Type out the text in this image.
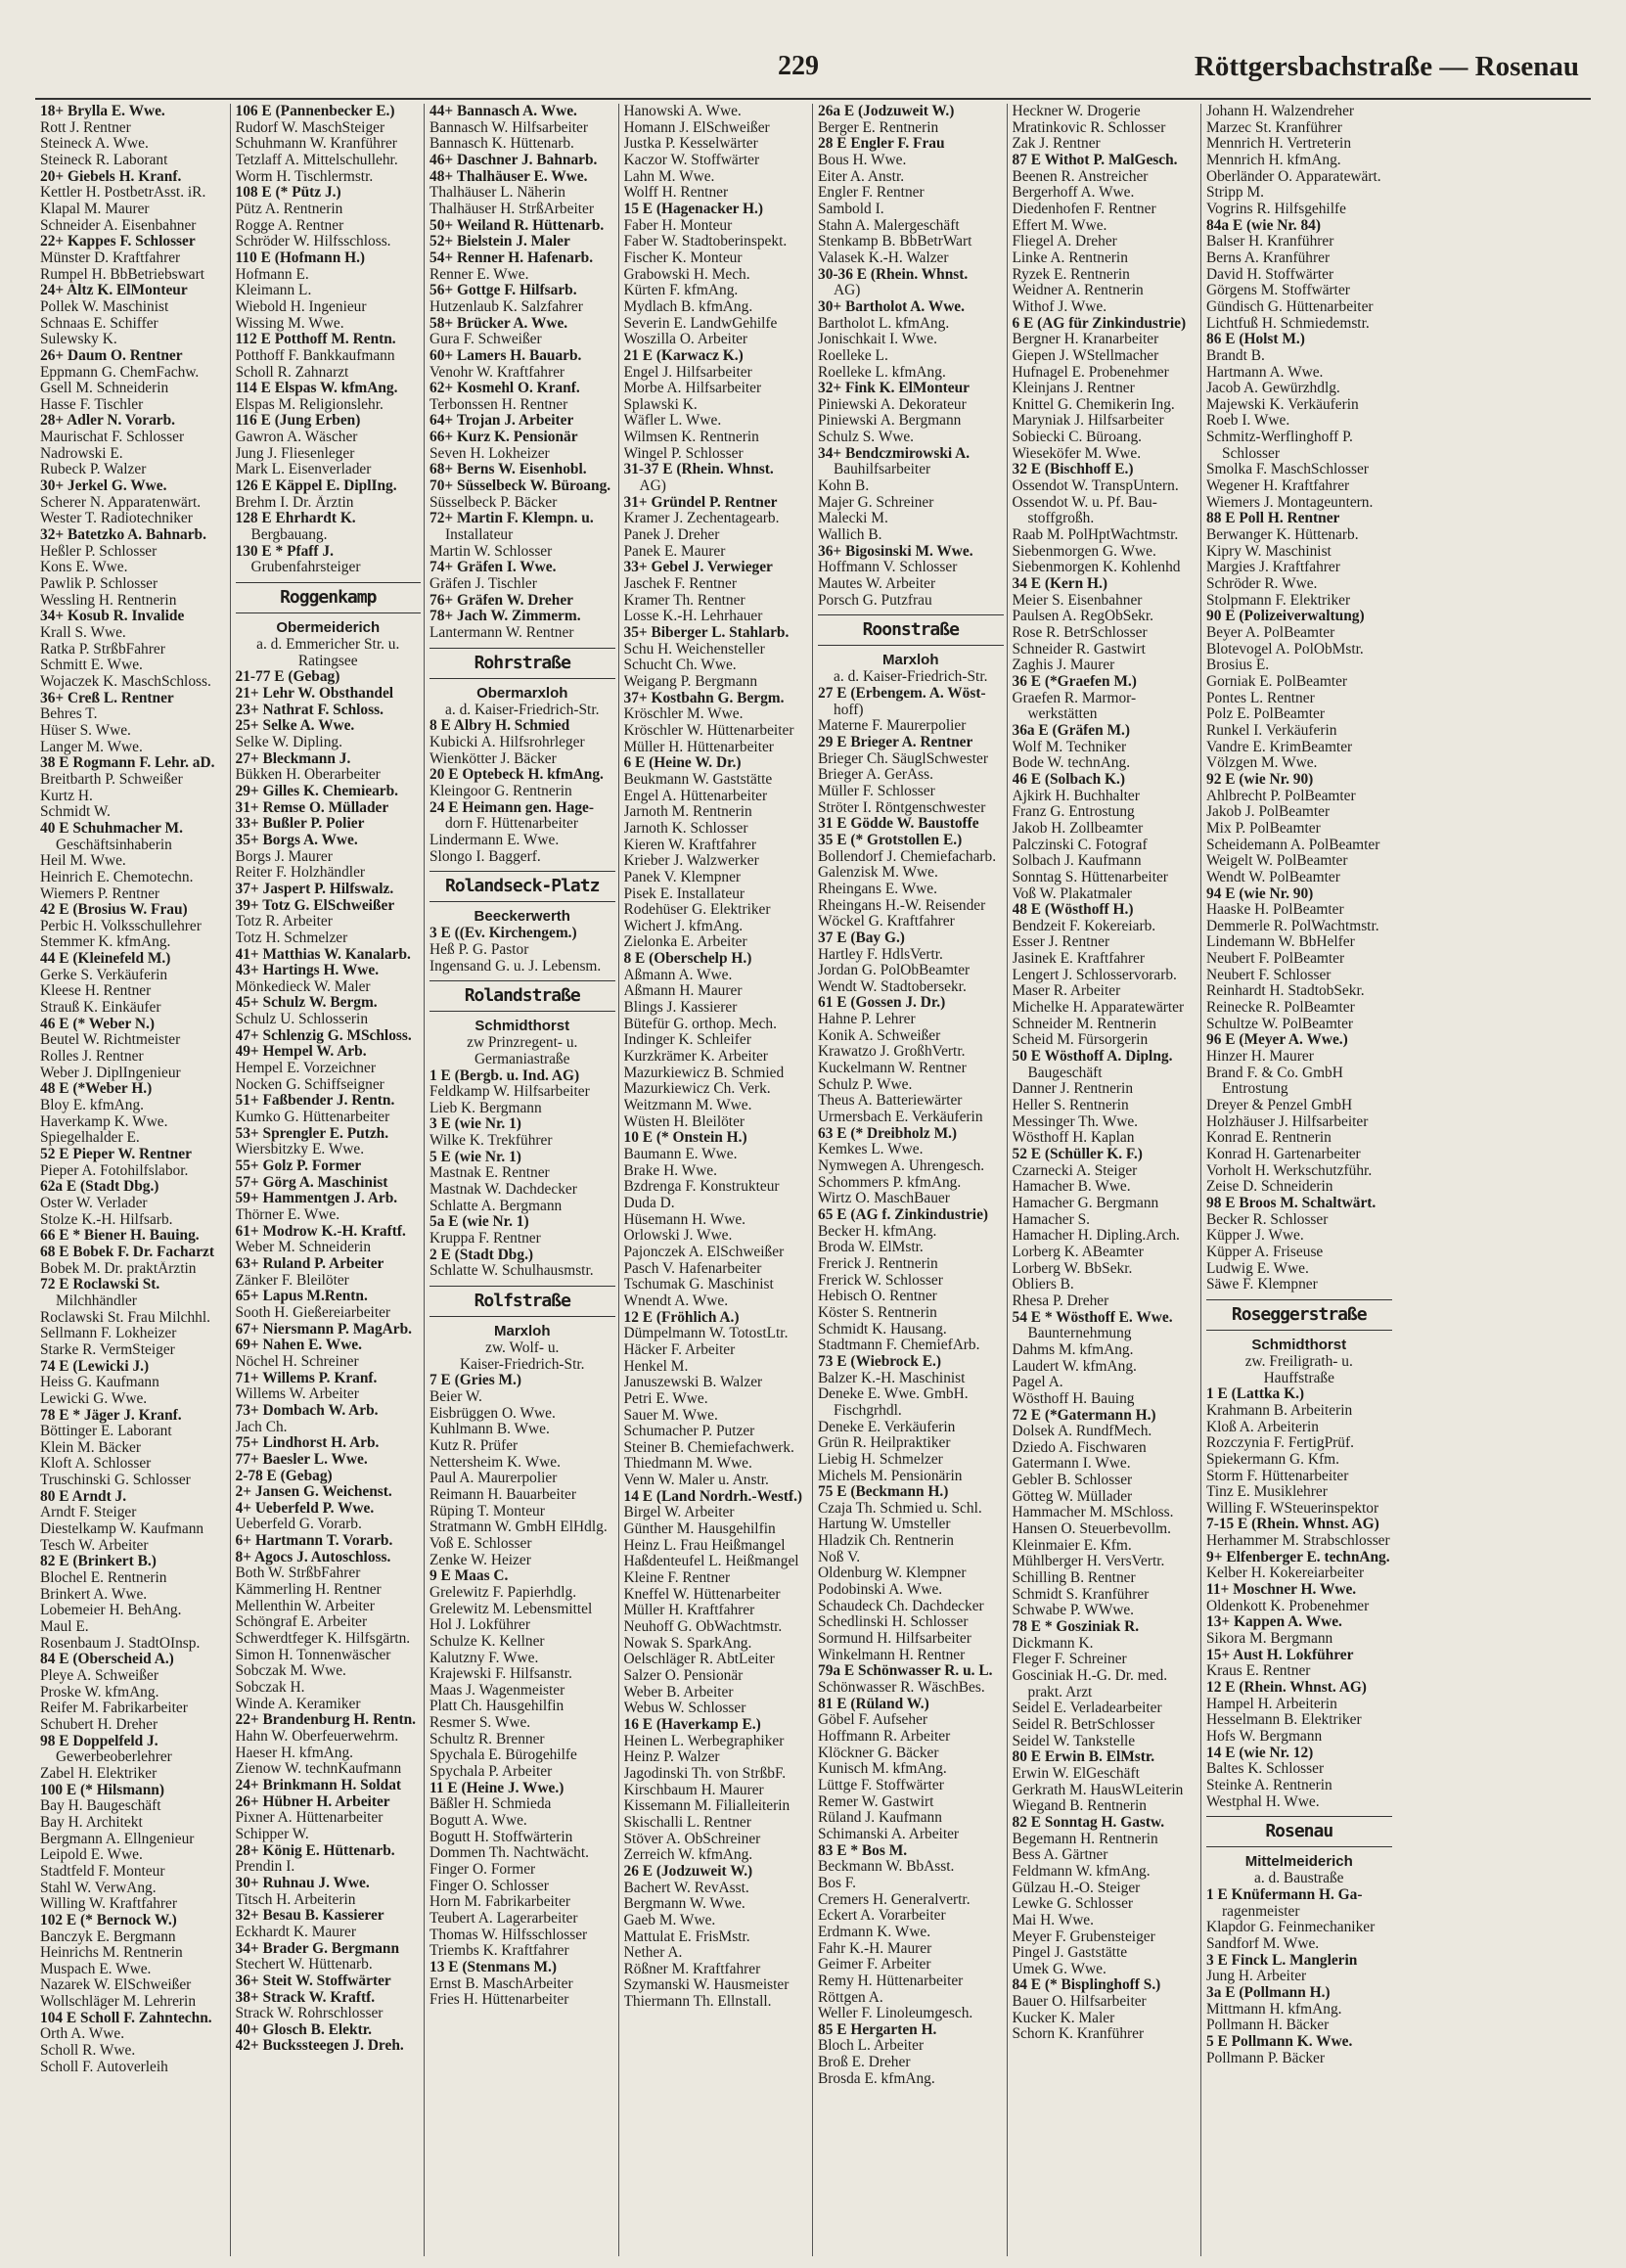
229	Röttgersbachstraße — Rosenau
18+ Brylla E. Wwe.
Rott J. Rentner
Steineck A. Wwe.
Steineck R. Laborant
20+ Giebels H. Kranf.
Kettler H. PostbetrAsst. iR.
Klapal M. Maurer
Schneider A. Eisenbahner
22+ Kappes F. Schlosser
Münster D. Kraftfahrer
Rumpel H. BbBetriebswart
24+ Altz K. ElMonteur
Pollek W. Maschinist
Schnaas E. Schiffer
Sulewsky K.
26+ Daum O. Rentner
Eppmann G. ChemFachw.
Gsell M. Schneiderin
Hasse F. Tischler
28+ Adler N. Vorarb.
Maurischat F. Schlosser
Nadrowski E.
Rubeck P. Walzer
30+ Jerkel G. Wwe.
Scherer N. Apparatenwärt.
Wester T. Radiotechniker
32+ Batetzko A. Bahnarb.
Heßler P. Schlosser
Kons E. Wwe.
Pawlik P. Schlosser
Wessling H. Rentnerin
34+ Kosub R. Invalide
Krall S. Wwe.
Ratka P. StrßbFahrer
Schmitt E. Wwe.
Wojaczek K. MaschSchloss.
36+ Creß L. Rentner
Behres T.
Hüser S. Wwe.
Langer M. Wwe.
38 E Rogmann F. Lehr. aD.
Breitbarth P. Schweißer
Kurtz H.
Schmidt W.
40 E Schuhmacher M.
Geschäftsinhaberin
Heil M. Wwe.
Heinrich E. Chemotechn.
Wiemers P. Rentner
42 E (Brosius W. Frau)
Perbic H. Volksschullehrer
Stemmer K. kfmAng.
44 E (Kleinefeld M.)
Gerke S. Verkäuferin
Kleese H. Rentner
Strauß K. Einkäufer
46 E (* Weber N.)
Beutel W. Richtmeister
Rolles J. Rentner
Weber J. DiplIngenieur
48 E (*Weber H.)
Bloy E. kfmAng.
Haverkamp K. Wwe.
Spiegelhalder E.
52 E Pieper W. Rentner
Pieper A. Fotohilfslabor.
62a E (Stadt Dbg.)
Oster W. Verlader
Stolze K.-H. Hilfsarb.
66 E * Biener H. Bauing.
68 E Bobek F. Dr. Facharzt
Bobek M. Dr. praktÄrztin
72 E Roclawski St.
Milchhändler
Roclawski St. Frau Milchhl.
Sellmann F. Lokheizer
Starke R. VermSteiger
74 E (Lewicki J.)
Heiss G. Kaufmann
Lewicki G. Wwe.
78 E * Jäger J. Kranf.
Böttinger E. Laborant
Klein M. Bäcker
Kloft A. Schlosser
Truschinski G. Schlosser
80 E Arndt J.
Arndt F. Steiger
Diestelkamp W. Kaufmann
Tesch W. Arbeiter
82 E (Brinkert B.)
Blochel E. Rentnerin
Brinkert A. Wwe.
Lobemeier H. BehAng.
Maul E.
Rosenbaum J. StadtOInsp.
84 E (Oberscheid A.)
Pleye A. Schweißer
Proske W. kfmAng.
Reifer M. Fabrikarbeiter
Schubert H. Dreher
98 E Doppelfeld J.
Gewerbeoberlehrer
Zabel H. Elektriker
100 E (* Hilsmann)
Bay H. Baugeschäft
Bay H. Architekt
Bergmann A. Ellngenieur
Leipold E. Wwe.
Stadtfeld F. Monteur
Stahl W. VerwAng.
Willing W. Kraftfahrer
102 E (* Bernock W.)
Banczyk E. Bergmann
Heinrichs M. Rentnerin
Muspach E. Wwe.
Nazarek W. ElSchweißer
Wollschläger M. Lehrerin
104 E Scholl F. Zahntechn.
Orth A. Wwe.
Scholl R. Wwe.
Scholl F. Autoverleih
106 E (Pannenbecker E.)
Rudorf W. MaschSteiger
Schuhmann W. Kranführer
Tetzlaff A. Mittelschullehr.
Worm H. Tischlermstr.
108 E (* Pütz J.)
Pütz A. Rentnerin
Rogge A. Rentner
Schröder W. Hilfsschloss.
110 E (Hofmann H.)
Hofmann E.
Kleimann L.
Wiebold H. Ingenieur
Wissing M. Wwe.
112 E Potthoff M. Rentn.
Potthoff F. Bankkaufmann
Scholl R. Zahnarzt
114 E Elspas W. kfmAng.
Elspas M. Religionslehr.
116 E (Jung Erben)
Gawron A. Wäscher
Jung J. Fliesenleger
Mark L. Eisenverlader
126 E Käppel E. DiplIng.
Brehm I. Dr. Ärztin
128 E Ehrhardt K.
Bergbauang.
130 E * Pfaff J.
Grubenfahrsteiger
Roggenkamp
Obermeiderich
a. d. Emmericher Str. u.
Ratingsee
21-77 E (Gebag)
21+ Lehr W. Obsthandel
23+ Nathrat F. Schloss.
25+ Selke A. Wwe.
Selke W. Dipling.
27+ Bleckmann J.
Bükken H. Oberarbeiter
29+ Gilles K. Chemiearb.
31+ Remse O. Müllader
33+ Bußler P. Polier
35+ Borgs A. Wwe.
Borgs J. Maurer
Reiter F. Holzhändler
37+ Jaspert P. Hilfswalz.
39+ Totz G. ElSchweißer
Totz R. Arbeiter
Totz H. Schmelzer
41+ Matthias W. Kanalarb.
43+ Hartings H. Wwe.
Mönkedieck W. Maler
45+ Schulz W. Bergm.
Schulz U. Schlosserin
47+ Schlenzig G. MSchloss.
49+ Hempel W. Arb.
Hempel E. Vorzeichner
Nocken G. Schiffseigner
51+ Faßbender J. Rentn.
Kumko G. Hüttenarbeiter
53+ Sprengler E. Putzh.
Wiersbitzky E. Wwe.
55+ Golz P. Former
57+ Görg A. Maschinist
59+ Hammentgen J. Arb.
Thörner E. Wwe.
61+ Modrow K.-H. Kraftf.
Weber M. Schneiderin
63+ Ruland P. Arbeiter
Zänker F. Bleilöter
65+ Lapus M.Rentn.
Sooth H. Gießereiarbeiter
67+ Niersmann P. MagArb.
69+ Nahen E. Wwe.
Nöchel H. Schreiner
71+ Willems P. Kranf.
Willems W. Arbeiter
73+ Dombach W. Arb.
Jach Ch.
75+ Lindhorst H. Arb.
77+ Baesler L. Wwe.
2-78 E (Gebag)
2+ Jansen G. Weichenst.
4+ Ueberfeld P. Wwe.
Ueberfeld G. Vorarb.
6+ Hartmann T. Vorarb.
8+ Agocs J. Autoschloss.
Both W. StrßbFahrer
Kämmerling H. Rentner
Mellenthin W. Arbeiter
Schöngraf E. Arbeiter
Schwerdtfeger K. Hilfsgärtn.
Simon H. Tonnenwäscher
Sobczak M. Wwe.
Sobczak H.
Winde A. Keramiker
22+ Brandenburg H. Rentn.
Hahn W. Oberfeuerwehrm.
Haeser H. kfmAng.
Zienow W. technKaufmann
24+ Brinkmann H. Soldat
26+ Hübner H. Arbeiter
Pixner A. Hüttenarbeiter
Schipper W.
28+ König E. Hüttenarb.
Prendin I.
30+ Ruhnau J. Wwe.
Titsch H. Arbeiterin
32+ Besau B. Kassierer
Eckhardt K. Maurer
34+ Brader G. Bergmann
Stechert W. Hüttenarb.
36+ Steit W. Stoffwärter
38+ Strack W. Kraftf.
Strack W. Rohrschlosser
40+ Glosch B. Elektr.
42+ Buckssteegen J. Dreh.
44+ Bannasch A. Wwe.
Bannasch W. Hilfsarbeiter
Bannasch K. Hüttenarb.
46+ Daschner J. Bahnarb.
48+ Thalhäuser E. Wwe.
Thalhäuser L. Näherin
Thalhäuser H. StrßArbeiter
50+ Weiland R. Hüttenarb.
52+ Bielstein J. Maler
54+ Renner H. Hafenarb.
Renner E. Wwe.
56+ Gottge F. Hilfsarb.
Hutzenlaub K. Salzfahrer
58+ Brücker A. Wwe.
Gura F. Schweißer
60+ Lamers H. Bauarb.
Venohr W. Kraftfahrer
62+ Kosmehl O. Kranf.
Terbonssen H. Rentner
64+ Trojan J. Arbeiter
66+ Kurz K. Pensionär
Seven H. Lokheizer
68+ Berns W. Eisenhobl.
70+ Süsselbeck W. Büroang.
Süsselbeck P. Bäcker
72+ Martin F. Klempn. u.
Installateur
Martin W. Schlosser
74+ Gräfen I. Wwe.
Gräfen J. Tischler
76+ Gräfen W. Dreher
78+ Jach W. Zimmerm.
Lantermann W. Rentner
Rohrstraße
Obermarxloh
a. d. Kaiser-Friedrich-Str.
8 E Albry H. Schmied
Kubicki A. Hilfsrohrleger
Wienkötter J. Bäcker
20 E Optebeck H. kfmAng.
Kleingoor G. Rentnerin
24 E Heimann gen. Hage-
dorn F. Hüttenarbeiter
Lindermann E. Wwe.
Slongo I. Baggerf.
Rolandseck-Platz
Beeckerwerth
3 E ((Ev. Kirchengem.)
Heß P. G. Pastor
Ingensand G. u. J. Lebensm.
Rolandstraße
Schmidthorst
zw Prinzregent- u.
Germaniastraße
1 E (Bergb. u. Ind. AG)
Feldkamp W. Hilfsarbeiter
Lieb K. Bergmann
3 E (wie Nr. 1)
Wilke K. Trekführer
5 E (wie Nr. 1)
Mastnak E. Rentner
Mastnak W. Dachdecker
Schlatte A. Bergmann
5a E (wie Nr. 1)
Kruppa F. Rentner
2 E (Stadt Dbg.)
Schlatte W. Schulhausmstr.
Rolfstraße
Marxloh
zw. Wolf- u.
Kaiser-Friedrich-Str.
7 E (Gries M.)
Beier W.
Eisbrüggen O. Wwe.
Kuhlmann B. Wwe.
Kutz R. Prüfer
Nettersheim K. Wwe.
Paul A. Maurerpolier
Reimann H. Bauarbeiter
Rüping T. Monteur
Stratmann W. GmbH ElHdlg.
Voß E. Schlosser
Zenke W. Heizer
9 E Maas C.
Grelewitz F. Papierhdlg.
Grelewitz M. Lebensmittel
Hol J. Lokführer
Schulze K. Kellner
Kalutzny F. Wwe.
Krajewski F. Hilfsanstr.
Maas J. Wagenmeister
Platt Ch. Hausgehilfin
Resmer S. Wwe.
Schultz R. Brenner
Spychala E. Bürogehilfe
Spychala P. Arbeiter
11 E (Heine J. Wwe.)
Bäßler H. Schmieda
Bogutt A. Wwe.
Bogutt H. Stoffwärterin
Dommen Th. Nachtwächt.
Finger O. Former
Finger O. Schlosser
Horn M. Fabrikarbeiter
Teubert A. Lagerarbeiter
Thomas W. Hilfsschlosser
Triembs K. Kraftfahrer
13 E (Stenmans M.)
Ernst B. MaschArbeiter
Fries H. Hüttenarbeiter
Hanowski A. Wwe.
Homann J. ElSchweißer
Justka P. Kesselwärter
Kaczor W. Stoffwärter
Lahn M. Wwe.
Wolff H. Rentner
15 E (Hagenacker H.)
Faber H. Monteur
Faber W. Stadtoberinspekt.
Fischer K. Monteur
Grabowski H. Mech.
Kürten F. kfmAng.
Mydlach B. kfmAng.
Severin E. LandwGehilfe
Woszilla O. Arbeiter
21 E (Karwacz K.)
Engel J. Hilfsarbeiter
Morbe A. Hilfsarbeiter
Splawski K.
Wäfler L. Wwe.
Wilmsen K. Rentnerin
Wingel P. Schlosser
31-37 E (Rhein. Whnst.
AG)
31+ Gründel P. Rentner
Kramer J. Zechentagearb.
Panek J. Dreher
Panek E. Maurer
33+ Gebel J. Verwieger
Jaschek F. Rentner
Kramer Th. Rentner
Losse K.-H. Lehrhauer
35+ Biberger L. Stahlarb.
Schu H. Weichensteller
Schucht Ch. Wwe.
Weigang P. Bergmann
37+ Kostbahn G. Bergm.
Kröschler M. Wwe.
Kröschler W. Hüttenarbeiter
Müller H. Hüttenarbeiter
6 E (Heine W. Dr.)
Beukmann W. Gaststätte
Engel A. Hüttenarbeiter
Jarnoth M. Rentnerin
Jarnoth K. Schlosser
Kieren W. Kraftfahrer
Krieber J. Walzwerker
Panek V. Klempner
Pisek E. Installateur
Rodehüser G. Elektriker
Wichert J. kfmAng.
Zielonka E. Arbeiter
8 E (Oberschelp H.)
Aßmann A. Wwe.
Aßmann H. Maurer
Blings J. Kassierer
Bütefür G. orthop. Mech.
Indinger K. Schleifer
Kurzkrämer K. Arbeiter
Mazurkiewicz B. Schmied
Mazurkiewicz Ch. Verk.
Weitzmann M. Wwe.
Wüsten H. Bleilöter
10 E (* Onstein H.)
Baumann E. Wwe.
Brake H. Wwe.
Bzdrenga F. Konstrukteur
Duda D.
Hüsemann H. Wwe.
Orlowski J. Wwe.
Pajonczek A. ElSchweißer
Pasch V. Hafenarbeiter
Tschumak G. Maschinist
Wnendt A. Wwe.
12 E (Fröhlich A.)
Dümpelmann W. TotostLtr.
Häcker F. Arbeiter
Henkel M.
Januszewski B. Walzer
Petri E. Wwe.
Sauer M. Wwe.
Schumacher P. Putzer
Steiner B. Chemiefachwerk.
Thiedmann M. Wwe.
Venn W. Maler u. Anstr.
14 E (Land Nordrh.-Westf.)
Birgel W. Arbeiter
Günther M. Hausgehilfin
Heinz L. Frau Heißmangel
Haßdenteufel L. Heißmangel
Kleine F. Rentner
Kneffel W. Hüttenarbeiter
Müller H. Kraftfahrer
Neuhoff G. ObWachtmstr.
Nowak S. SparkAng.
Oelschläger R. AbtLeiter
Salzer O. Pensionär
Weber B. Arbeiter
Webus W. Schlosser
16 E (Haverkamp E.)
Heinen L. Werbegraphiker
Heinz P. Walzer
Jagodinski Th. von StrßbF.
Kirschbaum H. Maurer
Kissemann M. Filialleiterin
Skischalli L. Rentner
Stöver A. ObSchreiner
Zerreich W. kfmAng.
26 E (Jodzuweit W.)
Bachert W. RevAsst.
Bergmann W. Wwe.
Gaeb M. Wwe.
Mattulat E. FrisMstr.
Nether A.
Rößner M. Kraftfahrer
Szymanski W. Hausmeister
Thiermann Th. Ellnstall.
26a E (Jodzuweit W.)
Berger E. Rentnerin
28 E Engler F. Frau
Bous H. Wwe.
Eiter A. Anstr.
Engler F. Rentner
Sambold I.
Stahn A. Malergeschäft
Stenkamp B. BbBetrWart
Valasek K.-H. Walzer
30-36 E (Rhein. Whnst.
AG)
30+ Bartholot A. Wwe.
Bartholot L. kfmAng.
Jonischkait I. Wwe.
Roelleke L.
Roelleke L. kfmAng.
32+ Fink K. ElMonteur
Piniewski A. Dekorateur
Piniewski A. Bergmann
Schulz S. Wwe.
34+ Bendczmirowski A.
Bauhilfsarbeiter
Kohn B.
Majer G. Schreiner
Malecki M.
Wallich B.
36+ Bigosinski M. Wwe.
Hoffmann V. Schlosser
Mautes W. Arbeiter
Porsch G. Putzfrau
Roonstraße
Marxloh
a. d. Kaiser-Friedrich-Str.
27 E (Erbengem. A. Wöst-
hoff)
Materne F. Maurerpolier
29 E Brieger A. Rentner
Brieger Ch. SäuglSchwester
Brieger A. GerAss.
Müller F. Schlosser
Ströter I. Röntgenschwester
31 E Gödde W. Baustoffe
35 E (* Grotstollen E.)
Bollendorf J. Chemiefacharb.
Galenzisk M. Wwe.
Rheingans E. Wwe.
Rheingans H.-W. Reisender
Wöckel G. Kraftfahrer
37 E (Bay G.)
Hartley F. HdlsVertr.
Jordan G. PolObBeamter
Wendt W. Stadtobersekr.
61 E (Gossen J. Dr.)
Hahne P. Lehrer
Konik A. Schweißer
Krawatzo J. GroßhVertr.
Kuckelmann W. Rentner
Schulz P. Wwe.
Theus A. Batteriewärter
Urmersbach E. Verkäuferin
63 E (* Dreibholz M.)
Kemkes L. Wwe.
Nymwegen A. Uhrengesch.
Schommers P. kfmAng.
Wirtz O. MaschBauer
65 E (AG f. Zinkindustrie)
Becker H. kfmAng.
Broda W. ElMstr.
Frerick J. Rentnerin
Frerick W. Schlosser
Hebisch O. Rentner
Köster S. Rentnerin
Schmidt K. Hausang.
Stadtmann F. ChemiefArb.
73 E (Wiebrock E.)
Balzer K.-H. Maschinist
Deneke E. Wwe. GmbH.
Fischgrhdl.
Deneke E. Verkäuferin
Grün R. Heilpraktiker
Liebig H. Schmelzer
Michels M. Pensionärin
75 E (Beckmann H.)
Czaja Th. Schmied u. Schl.
Hartung W. Umsteller
Hladzik Ch. Rentnerin
Noß V.
Oldenburg W. Klempner
Podobinski A. Wwe.
Schaudeck Ch. Dachdecker
Schedlinski H. Schlosser
Sormund H. Hilfsarbeiter
Winkelmann H. Rentner
79a E Schönwasser R. u. L.
Schönwasser R. WäschBes.
81 E (Rüland W.)
Göbel F. Aufseher
Hoffmann R. Arbeiter
Klöckner G. Bäcker
Kunisch M. kfmAng.
Lüttge F. Stoffwärter
Remer W. Gastwirt
Rüland J. Kaufmann
Schimanski A. Arbeiter
83 E * Bos M.
Beckmann W. BbAsst.
Bos F.
Cremers H. Generalvertr.
Eckert A. Vorarbeiter
Erdmann K. Wwe.
Fahr K.-H. Maurer
Geimer F. Arbeiter
Remy H. Hüttenarbeiter
Röttgen A.
Weller F. Linoleumgesch.
85 E Hergarten H.
Bloch L. Arbeiter
Broß E. Dreher
Brosda E. kfmAng.
Heckner W. Drogerie
Mratinkovic R. Schlosser
Zak J. Rentner
87 E Withot P. MalGesch.
Beenen R. Anstreicher
Bergerhoff A. Wwe.
Diedenhofen F. Rentner
Effert M. Wwe.
Fliegel A. Dreher
Linke A. Rentnerin
Ryzek E. Rentnerin
Weidner A. Rentnerin
Withof J. Wwe.
6 E (AG für Zinkindustrie)
Bergner H. Kranarbeiter
Giepen J. WStellmacher
Hufnagel E. Probenehmer
Kleinjans J. Rentner
Knittel G. Chemikerin Ing.
Maryniak J. Hilfsarbeiter
Sobiecki C. Büroang.
Wieseköfer M. Wwe.
32 E (Bischhoff E.)
Ossendot W. TranspUntern.
Ossendot W. u. Pf. Bau-
stoffgroßh.
Raab M. PolHptWachtmstr.
Siebenmorgen G. Wwe.
Siebenmorgen K. Kohlenhd
34 E (Kern H.)
Meier S. Eisenbahner
Paulsen A. RegObSekr.
Rose R. BetrSchlosser
Schneider R. Gastwirt
Zaghis J. Maurer
36 E (*Graefen M.)
Graefen R. Marmor-
werkstätten
36a E (Gräfen M.)
Wolf M. Techniker
Bode W. technAng.
46 E (Solbach K.)
Ajkirk H. Buchhalter
Franz G. Entrostung
Jakob H. Zollbeamter
Palczinski C. Fotograf
Solbach J. Kaufmann
Sonntag S. Hüttenarbeiter
Voß W. Plakatmaler
48 E (Wösthoff H.)
Bendzeit F. Kokereiarb.
Esser J. Rentner
Jasinek E. Kraftfahrer
Lengert J. Schlosservorarb.
Maser R. Arbeiter
Michelke H. Apparatewärter
Schneider M. Rentnerin
Scheid M. Fürsorgerin
50 E Wösthoff A. Diplng.
Baugeschäft
Danner J. Rentnerin
Heller S. Rentnerin
Messinger Th. Wwe.
Wösthoff H. Kaplan
52 E (Schüller K. F.)
Czarnecki A. Steiger
Hamacher B. Wwe.
Hamacher G. Bergmann
Hamacher S.
Hamacher H. Dipling.Arch.
Lorberg K. ABeamter
Lorberg W. BbSekr.
Obliers B.
Rhesa P. Dreher
54 E * Wösthoff E. Wwe.
Baunternehmung
Dahms M. kfmAng.
Laudert W. kfmAng.
Pagel A.
Wösthoff H. Bauing
72 E (*Gatermann H.)
Dolsek A. RundfMech.
Dziedo A. Fischwaren
Gatermann I. Wwe.
Gebler B. Schlosser
Götteg W. Müllader
Hammacher M. MSchloss.
Hansen O. Steuerbevollm.
Kleinmaier E. Kfm.
Mühlberger H. VersVertr.
Schilling B. Rentner
Schmidt S. Kranführer
Schwabe P. WWwe.
78 E * Gosziniak R.
Dickmann K.
Fleger F. Schreiner
Gosciniak H.-G. Dr. med.
prakt. Arzt
Seidel E. Verladearbeiter
Seidel R. BetrSchlosser
Seidel W. Tankstelle
80 E Erwin B. ElMstr.
Erwin W. ElGeschäft
Gerkrath M. HausWLeiterin
Wiegand B. Rentnerin
82 E Sonntag H. Gastw.
Begemann H. Rentnerin
Bess A. Gärtner
Feldmann W. kfmAng.
Gülzau H.-O. Steiger
Lewke G. Schlosser
Mai H. Wwe.
Meyer F. Grubensteiger
Pingel J. Gaststätte
Umek G. Wwe.
84 E (* Bisplinghoff S.)
Bauer O. Hilfsarbeiter
Kucker K. Maler
Schorn K. Kranführer
Johann H. Walzendreher
Marzec St. Kranführer
Mennrich H. Vertreterin
Mennrich H. kfmAng.
Oberländer O. Apparatewärt.
Stripp M.
Vogrins R. Hilfsgehilfe
84a E (wie Nr. 84)
Balser H. Kranführer
Berns A. Kranführer
David H. Stoffwärter
Görgens M. Stoffwärter
Gündisch G. Hüttenarbeiter
Lichtfuß H. Schmiedemstr.
86 E (Holst M.)
Brandt B.
Hartmann A. Wwe.
Jacob A. Gewürzhdlg.
Majewski K. Verkäuferin
Roeb I. Wwe.
Schmitz-Werflinghoff P.
Schlosser
Smolka F. MaschSchlosser
Wegener H. Kraftfahrer
Wiemers J. Montageuntern.
88 E Poll H. Rentner
Berwanger K. Hüttenarb.
Kipry W. Maschinist
Margies J. Kraftfahrer
Schröder R. Wwe.
Stolpmann F. Elektriker
90 E (Polizeiverwaltung)
Beyer A. PolBeamter
Blotevogel A. PolObMstr.
Brosius E.
Gorniak E. PolBeamter
Pontes L. Rentner
Polz E. PolBeamter
Runkel I. Verkäuferin
Vandre E. KrimBeamter
Völzgen M. Wwe.
92 E (wie Nr. 90)
Ahlbrecht P. PolBeamter
Jakob J. PolBeamter
Mix P. PolBeamter
Scheidemann A. PolBeamter
Weigelt W. PolBeamter
Wendt W. PolBeamter
94 E (wie Nr. 90)
Haaske H. PolBeamter
Demmerle R. PolWachtmstr.
Lindemann W. BbHelfer
Neubert F. PolBeamter
Neubert F. Schlosser
Reinhardt H. StadtobSekr.
Reinecke R. PolBeamter
Schultze W. PolBeamter
96 E (Meyer A. Wwe.)
Hinzer H. Maurer
Brand F. & Co. GmbH
Entrostung
Dreyer & Penzel GmbH
Holzhäuser J. Hilfsarbeiter
Konrad E. Rentnerin
Konrad H. Gartenarbeiter
Vorholt H. Werkschutzführ.
Zeise D. Schneiderin
98 E Broos M. Schaltwärt.
Becker R. Schlosser
Küpper J. Wwe.
Küpper A. Friseuse
Ludwig E. Wwe.
Säwe F. Klempner
Roseggerstraße
Schmidthorst
zw. Freiligrath- u.
Hauffstraße
1 E (Lattka K.)
Krahmann B. Arbeiterin
Kloß A. Arbeiterin
Rozczynia F. FertigPrüf.
Spiekermann G. Kfm.
Storm F. Hüttenarbeiter
Tinz E. Musiklehrer
Willing F. WSteuerinspektor
7-15 E (Rhein. Whnst. AG)
Herhammer M. Strabschlosser
9+ Elfenberger E. technAng.
Kelber H. Kokereiarbeiter
11+ Moschner H. Wwe.
Oldenkott K. Probenehmer
13+ Kappen A. Wwe.
Sikora M. Bergmann
15+ Aust H. Lokführer
Kraus E. Rentner
12 E (Rhein. Whnst. AG)
Hampel H. Arbeiterin
Hesselmann B. Elektriker
Hofs W. Bergmann
14 E (wie Nr. 12)
Baltes K. Schlosser
Steinke A. Rentnerin
Westphal H. Wwe.
Rosenau
Mittelmeiderich
a. d. Baustraße
1 E Knüfermann H. Ga-
ragenmeister
Klapdor G. Feinmechaniker
Sandforf M. Wwe.
3 E Finck L. Manglerin
Jung H. Arbeiter
3a E (Pollmann H.)
Mittmann H. kfmAng.
Pollmann H. Bäcker
5 E Pollmann K. Wwe.
Pollmann P. Bäcker
